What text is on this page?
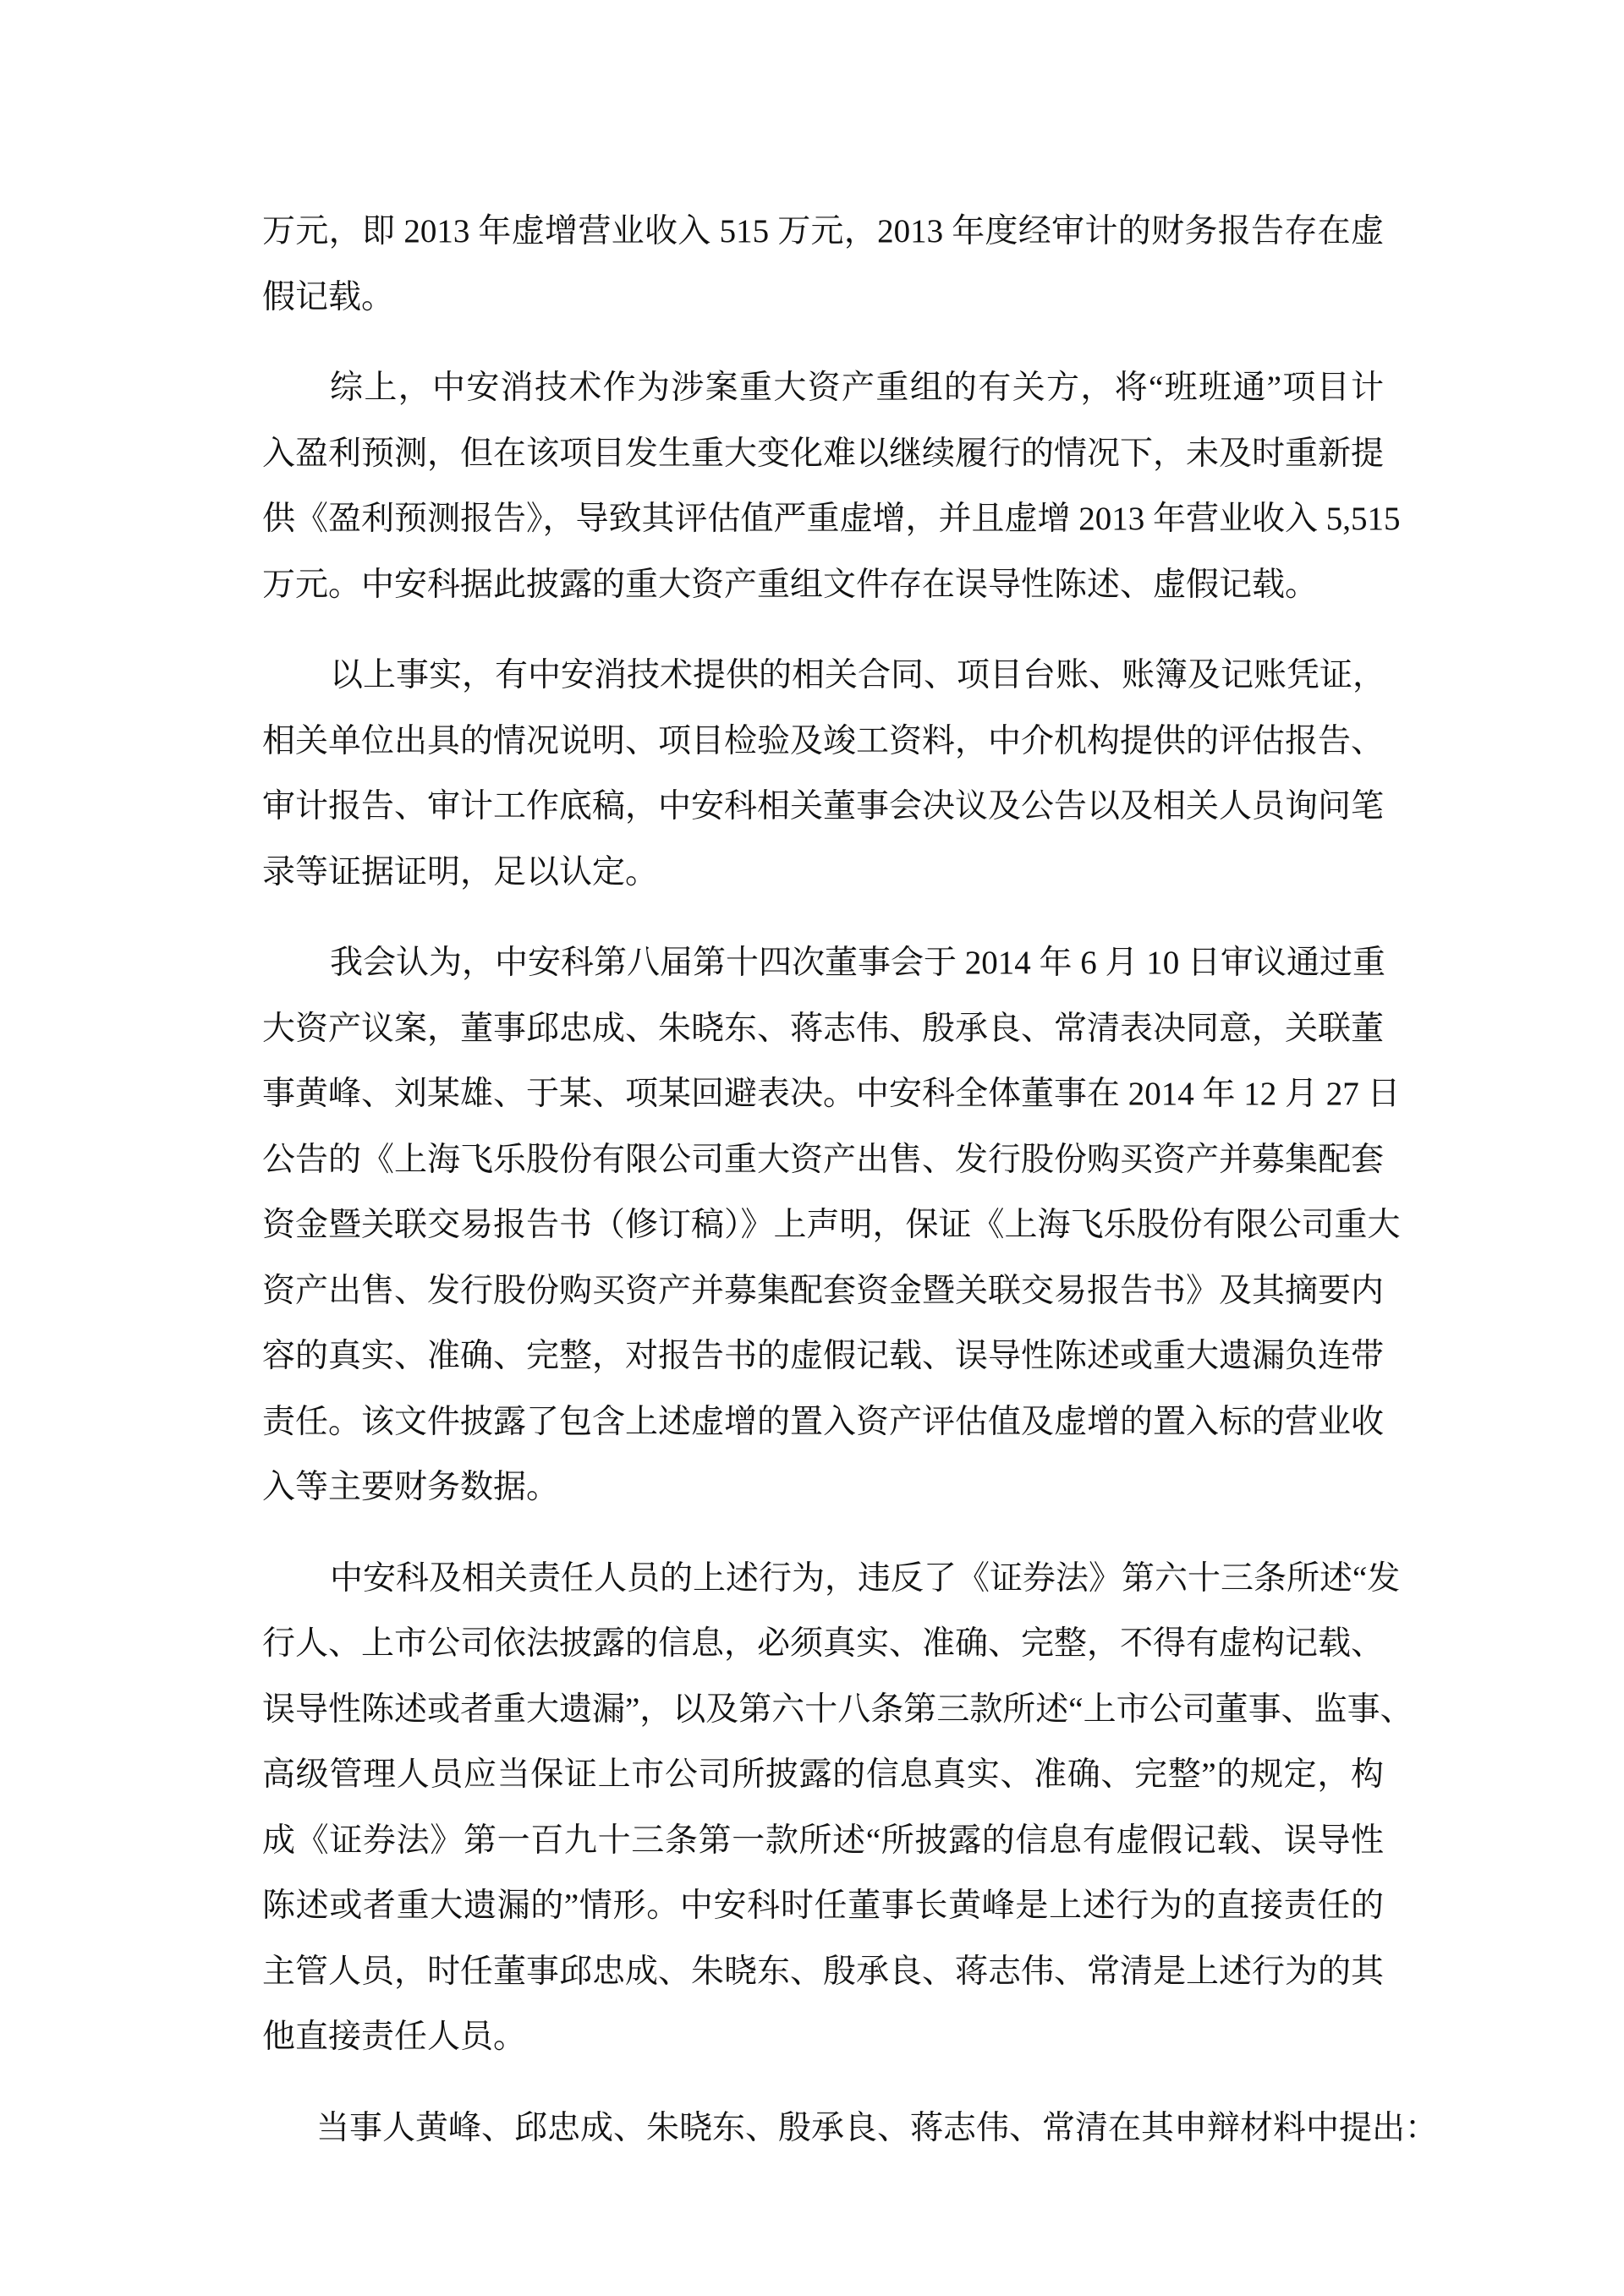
万元，即 2013 年虚增营业收入 515 万元，2013 年度经审计的财务报告存在虚
假记载。
综上，中安消技术作为涉案重大资产重组的有关方，将“班班通”项目计
入盈利预测，但在该项目发生重大变化难以继续履行的情况下，未及时重新提
供《盈利预测报告》，导致其评估值严重虚增，并且虚增 2013 年营业收入 5,515
万元。中安科据此披露的重大资产重组文件存在误导性陈述、虚假记载。
以上事实，有中安消技术提供的相关合同、项目台账、账簿及记账凭证，
相关单位出具的情况说明、项目检验及竣工资料，中介机构提供的评估报告、
审计报告、审计工作底稿，中安科相关董事会决议及公告以及相关人员询问笔
录等证据证明，足以认定。
我会认为，中安科第八届第十四次董事会于 2014 年 6 月 10 日审议通过重
大资产议案，董事邱忠成、朱晓东、蒋志伟、殷承良、常清表决同意，关联董
事黄峰、刘某雄、于某、项某回避表决。中安科全体董事在 2014 年 12 月 27 日
公告的《上海飞乐股份有限公司重大资产出售、发行股份购买资产并募集配套
资金暨关联交易报告书（修订稿）》上声明，保证《上海飞乐股份有限公司重大
资产出售、发行股份购买资产并募集配套资金暨关联交易报告书》及其摘要内
容的真实、准确、完整，对报告书的虚假记载、误导性陈述或重大遗漏负连带
责任。该文件披露了包含上述虚增的置入资产评估值及虚增的置入标的营业收
入等主要财务数据。
中安科及相关责任人员的上述行为，违反了《证券法》第六十三条所述“发
行人、上市公司依法披露的信息，必须真实、准确、完整，不得有虚构记载、
误导性陈述或者重大遗漏”，以及第六十八条第三款所述“上市公司董事、监事、
高级管理人员应当保证上市公司所披露的信息真实、准确、完整”的规定，构
成《证券法》第一百九十三条第一款所述“所披露的信息有虚假记载、误导性
陈述或者重大遗漏的”情形。中安科时任董事长黄峰是上述行为的直接责任的
主管人员，时任董事邱忠成、朱晓东、殷承良、蒋志伟、常清是上述行为的其
他直接责任人员。
当事人黄峰、邱忠成、朱晓东、殷承良、蒋志伟、常清在其申辩材料中提出：
